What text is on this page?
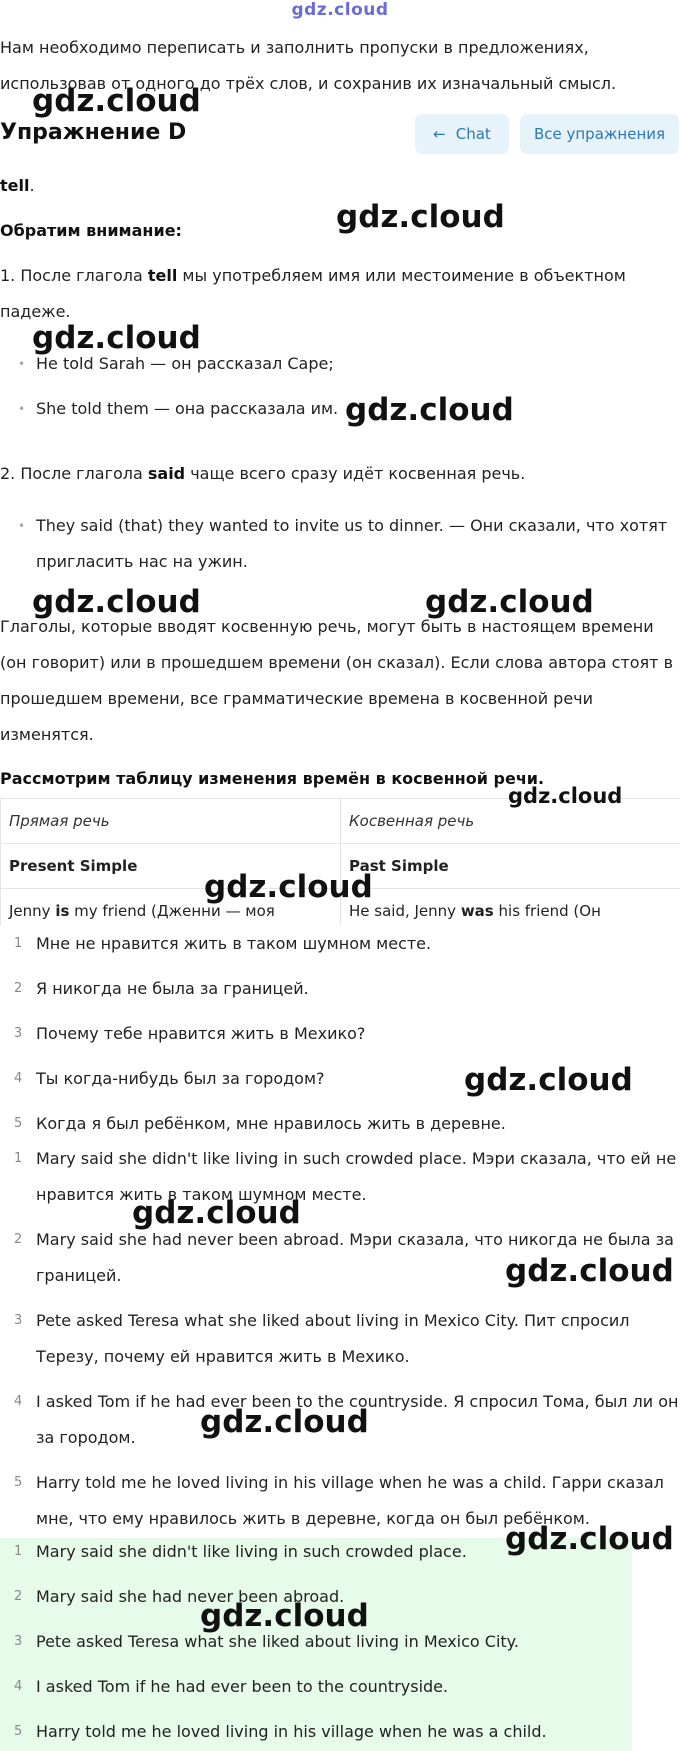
gdz.cloud
Нам необходимо переписать и заполнить пропуски в предложениях, использовав от одного до трёх слов, и сохранив их изначальный смысл.
Упражнение D	← Chat	Все упражнения
tell.
Обратим внимание:
1. После глагола tell мы употребляем имя или местоимение в объектном падеже.
• He told Sarah — он рассказал Саре;
• She told them — она рассказала им.
2. После глагола said чаще всего сразу идёт косвенная речь.
• They said (that) they wanted to invite us to dinner. — Они сказали, что хотят пригласить нас на ужин.
Глаголы, которые вводят косвенную речь, могут быть в настоящем времени (он говорит) или в прошедшем времени (он сказал). Если слова автора стоят в прошедшем времени, все грамматические времена в косвенной речи изменятся.
Рассмотрим таблицу изменения времён в косвенной речи.
Прямая речь	Косвенная речь
Present Simple	Past Simple
Jenny is my friend (Дженни — моя	He said, Jenny was his friend (Он
1 Мне не нравится жить в таком шумном месте.
2 Я никогда не была за границей.
3 Почему тебе нравится жить в Мехико?
4 Ты когда-нибудь был за городом?
5 Когда я был ребёнком, мне нравилось жить в деревне.
1 Mary said she didn't like living in such crowded place. Мэри сказала, что ей не нравится жить в таком шумном месте.
2 Mary said she had never been abroad. Мэри сказала, что никогда не была за границей.
3 Pete asked Teresa what she liked about living in Mexico City. Пит спросил Терезу, почему ей нравится жить в Мехико.
4 I asked Tom if he had ever been to the countryside. Я спросил Тома, был ли он за городом.
5 Harry told me he loved living in his village when he was a child. Гарри сказал мне, что ему нравилось жить в деревне, когда он был ребёнком.
1 Mary said she didn't like living in such crowded place.
2 Mary said she had never been abroad.
3 Pete asked Teresa what she liked about living in Mexico City.
4 I asked Tom if he had ever been to the countryside.
5 Harry told me he loved living in his village when he was a child.
gdz.cloud
gdz.cloud
gdz.cloud
gdz.cloud
gdz.cloud	gdz.cloud
gdz.cloud
gdz.cloud
gdz.cloud
gdz.cloud
gdz.cloud
gdz.cloud
gdz.cloud
gdz.cloud
